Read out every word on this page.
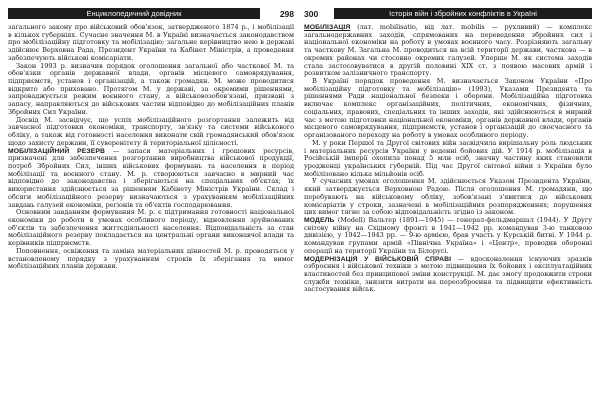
Енциклопедичний довідник	298

загального закону про військовий обов'язок, затвердженого 1874 р., і мобілізації в кількох губерніях. Сучасне значення М. в Україні визначається законодавством про мобілізаційну підготовку та мобілізацію; загальне керівництво нею в державі здійснює Верховна Рада, Президент України та Кабінет Міністрів, а проведення забезпечують військові комісаріати.

Закон 1993 р. визначив порядок оголошення загальної або часткової М. та обов'язки органів державної влади, органів місцевого самоврядування, підприємств, установ і організацій, а також громадян. М. може проводитися відкрито або приховано. Протягом М. у державі, за окремими рішеннями, запроваджується режим воєнного стану, а військовозобов'язані, призвані з запасу, направляються до військових частин відповідно до мобілізаційних планів Збройних Сил України.

Досвід М. засвідчує, що успіх мобілізаційного розгортання залежить від завчасної підготовки економіки, транспорту, зв'язку та системи військового обліку, а також від готовності населення виконати свій громадянський обов'язок щодо захисту держави, її суверенітету й територіальної цілісності.

МОБІЛІЗАЦІЙНИЙ РЕЗЕРВ — запаси матеріальних і грошових ресурсів, призначені для забезпечення розгортання виробництва військової продукції, потреб Збройних Сил, інших військових формувань та населення в період мобілізації та воєнного стану. М. р. створюються завчасно в мирний час відповідно до законодавства і зберігаються на спеціальних об'єктах; їх використання здійснюється за рішенням Кабінету Міністрів України. Склад і обсяги мобілізаційного резерву визначаються з урахуванням мобілізаційних завдань галузей економіки, регіонів та об'єктів господарювання.

Основним завданням формування М. р. є підтримання готовності національної економіки до роботи в умовах особливого періоду, відновлення зруйнованих об'єктів та забезпечення життєдіяльності населення. Відповідальність за стан мобілізаційного резерву покладається на центральні органи виконавчої влади та керівників підприємств.

Поповнення, освіження та заміна матеріальних цінностей М. р. проводяться у встановленому порядку з урахуванням строків їх зберігання та вимог мобілізаційних планів держави.

300	Історія війн і збройних конфліктів в Україні

МОБІЛІЗАЦІЯ (лат. mobilisatio, від лат. mobilis — рухливий) — комплекс загальнодержавних заходів, спрямованих на переведення збройних сил і національної економіки на роботу в умовах воєнного часу. Розрізняють загальну та часткову М. Загальна М. проводиться на всій території держави, часткова — в окремих районах чи стосовно окремих галузей. Уперше М. як система заходів стала застосовуватися в другій половині XIX ст. з появою масових армій і розвитком залізничного транспорту.

В Україні порядок проведення М. визначається Законом України «Про мобілізаційну підготовку та мобілізацію» (1993), Указами Президента та рішеннями Ради національної безпеки і оборони. Мобілізаційна підготовка включає комплекс організаційних, політичних, економічних, фізичних, соціальних, правових, спеціальних та інших заходів, які здійснюються в мирний час з метою підготовки національної економіки, органів державної влади, органів місцевого самоврядування, підприємств, установ і організацій до своєчасного та організованого переходу на роботу в умовах особливого періоду.

М. у роки Першої та Другої світових війн засвідчила вирішальну роль людських і матеріальних ресурсів України у веденні бойових дій. У 1914 р. мобілізація в Російській імперії охопила понад 5 млн осіб, значну частину яких становили уродженці українських губерній. Під час Другої світової війни з України було мобілізовано кілька мільйонів осіб.

У сучасних умовах оголошення М. здійснюється Указом Президента України, який затверджується Верховною Радою. Після оголошення М. громадяни, що перебувають на військовому обліку, зобов'язані з'явитися до військових комісаріатів у строки, зазначені в мобілізаційних розпорядженнях; порушення цих вимог тягне за собою відповідальність згідно із законом.

МОДЕЛЬ (Modell) Вальтер (1891—1945) — генерал-фельдмаршал (1944). У Другу світову війну на Східному фронті в 1941—1942 рр. командував 3-ю танковою дивізією, у 1942—1943 рр. — 9-ю армією, брав участь у Курській битві. У 1944 р. командував групами армій «Північна Україна» і «Центр», проводив оборонні операції на території України та Білорусі.

МОДЕРНІЗАЦІЯ У ВІЙСЬКОВІЙ СПРАВІ — вдосконалення існуючих зразків озброєння і військової техніки з метою підвищення їх бойових і експлуатаційних властивостей без принципової зміни конструкції. М. дає змогу продовжити строки служби техніки, знизити витрати на переозброєння та підвищити ефективність застосування військ.
